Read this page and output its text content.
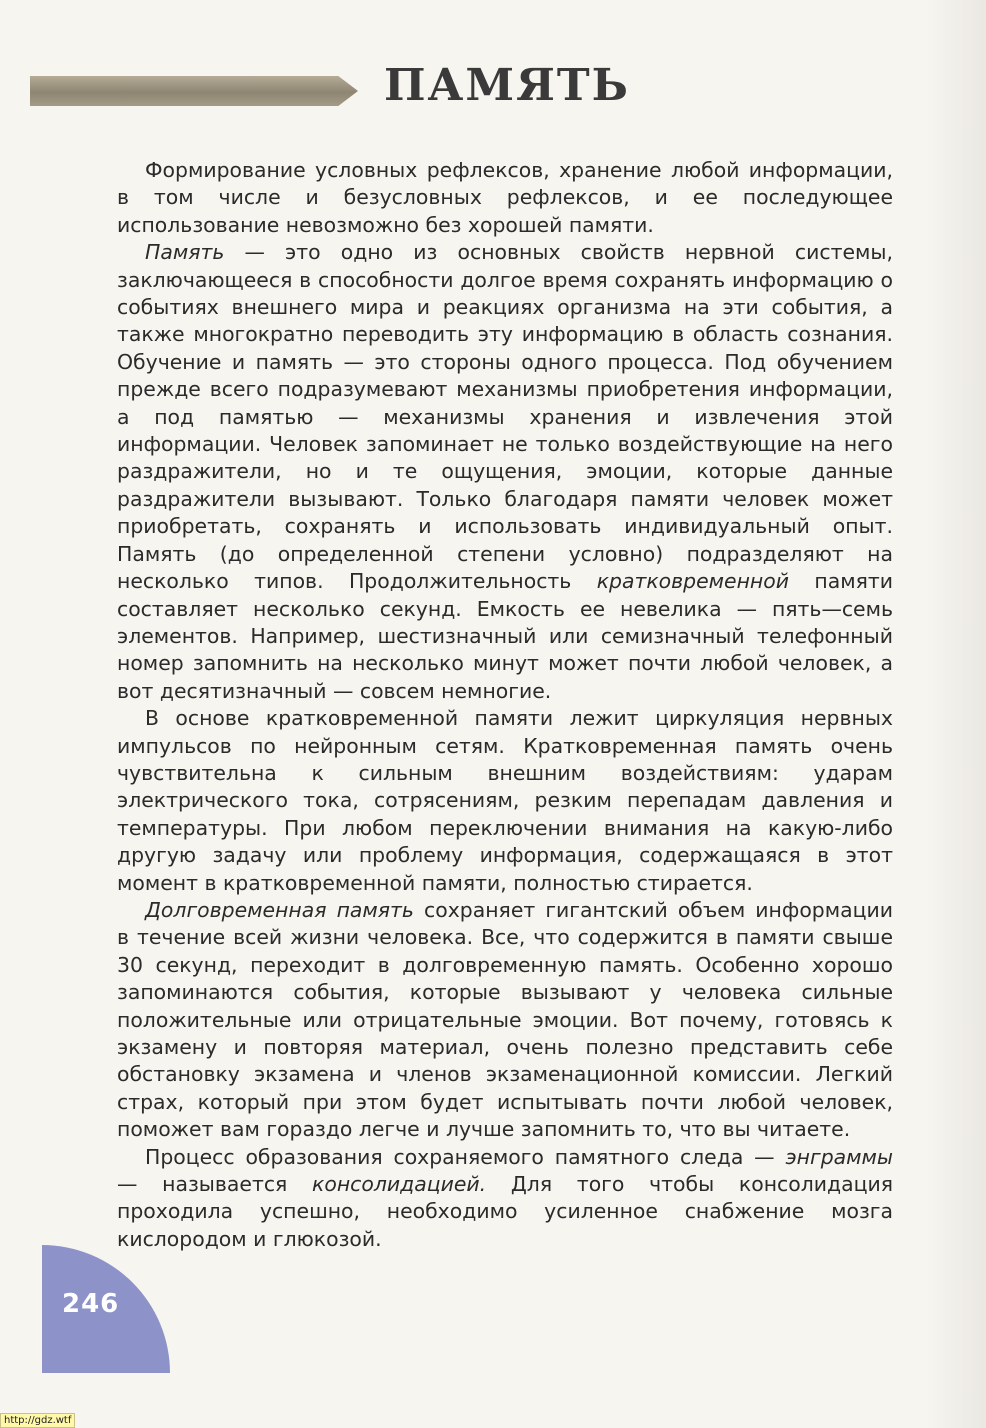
ПАМЯТЬ

Формирование условных рефлексов, хранение любой информации, в том числе и безусловных рефлексов, и ее последующее использование невозможно без хорошей памяти.

Память — это одно из основных свойств нервной системы, заключающееся в способности долгое время сохранять информацию о событиях внешнего мира и реакциях организма на эти события, а также многократно переводить эту информацию в область сознания. Обучение и память — это стороны одного процесса. Под обучением прежде всего подразумевают механизмы приобретения информации, а под памятью — механизмы хранения и извлечения этой информации. Человек запоминает не только воздействующие на него раздражители, но и те ощущения, эмоции, которые данные раздражители вызывают. Только благодаря памяти человек может приобретать, сохранять и использовать индивидуальный опыт. Память (до определенной степени условно) подразделяют на несколько типов. Продолжительность кратковременной памяти составляет несколько секунд. Емкость ее невелика — пять—семь элементов. Например, шестизначный или семизначный телефонный номер запомнить на несколько минут может почти любой человек, а вот десятизначный — совсем немногие.

В основе кратковременной памяти лежит циркуляция нервных импульсов по нейронным сетям. Кратковременная память очень чувствительна к сильным внешним воздействиям: ударам электрического тока, сотрясениям, резким перепадам давления и температуры. При любом переключении внимания на какую-либо другую задачу или проблему информация, содержащаяся в этот момент в кратковременной памяти, полностью стирается.

Долговременная память сохраняет гигантский объем информации в течение всей жизни человека. Все, что содержится в памяти свыше 30 секунд, переходит в долговременную память. Особенно хорошо запоминаются события, которые вызывают у человека сильные положительные или отрицательные эмоции. Вот почему, готовясь к экзамену и повторяя материал, очень полезно представить себе обстановку экзамена и членов экзаменационной комиссии. Легкий страх, который при этом будет испытывать почти любой человек, поможет вам гораздо легче и лучше запомнить то, что вы читаете.

Процесс образования сохраняемого памятного следа — энграммы — называется консолидацией. Для того чтобы консолидация проходила успешно, необходимо усиленное снабжение мозга кислородом и глюкозой.

246
http://gdz.wtf
